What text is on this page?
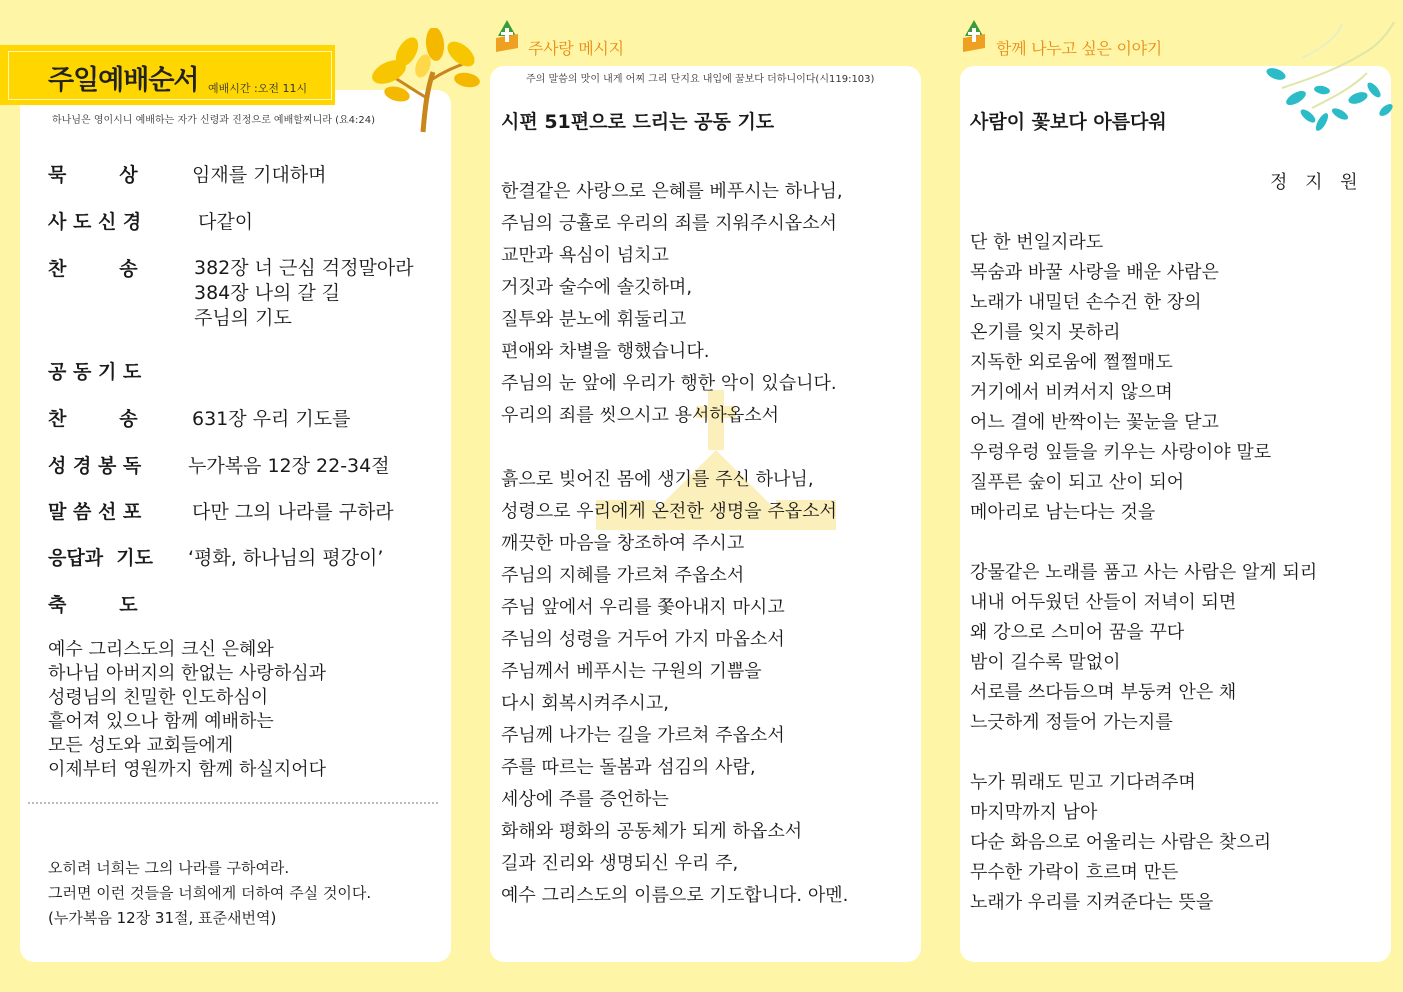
주일예배순서 예배시간 :오전 11시
하나님은 영이시니 예배하는 자가 신령과 진정으로 예배할찌니라 (요4:24)
묵        상	임재를 기대하며
사 도 신 경	다같이
찬        송	382장 너 근심 걱정말아라
384장 나의 갈 길
주님의 기도
공 동 기 도
찬        송	631장 우리 기도를
성 경 봉 독 누가복음 12장 22-34절
말 씀 선 포	다만 그의 나라를 구하라
응답과  기도 ‘평화, 하나님의 평강이’
축        도
예수 그리스도의 크신 은혜와
하나님 아버지의 한없는 사랑하심과
성령님의 친밀한 인도하심이
흩어져 있으나 함께 예배하는
모든 성도와 교회들에게
이제부터 영원까지 함께 하실지어다
오히려 너희는 그의 나라를 구하여라.
그러면 이런 것들을 너희에게 더하여 주실 것이다.
(누가복음 12장 31절, 표준새번역)
주사랑 메시지
주의 말씀의 맛이 내게 어찌 그리 단지요 내입에 꿀보다 더하니이다(시119:103)
시편 51편으로 드리는 공동 기도
한결같은 사랑으로 은혜를 베푸시는 하나님,
주님의 긍휼로 우리의 죄를 지워주시옵소서
교만과 욕심이 넘치고
거짓과 술수에 솔깃하며,
질투와 분노에 휘둘리고
편애와 차별을 행했습니다.
주님의 눈 앞에 우리가 행한 악이 있습니다.
우리의 죄를 씻으시고 용서하옵소서
흙으로 빚어진 몸에 생기를 주신 하나님,
성령으로 우리에게 온전한 생명을 주옵소서
깨끗한 마음을 창조하여 주시고
주님의 지혜를 가르쳐 주옵소서
주님 앞에서 우리를 쫓아내지 마시고
주님의 성령을 거두어 가지 마옵소서
주님께서 베푸시는 구원의 기쁨을
다시 회복시켜주시고,
주님께 나가는 길을 가르쳐 주옵소서
주를 따르는 돌봄과 섬김의 사람,
세상에 주를 증언하는
화해와 평화의 공동체가 되게 하옵소서
길과 진리와 생명되신 우리 주,
예수 그리스도의 이름으로 기도합니다. 아멘.
함께 나누고 싶은 이야기
사람이 꽃보다 아름다워
정 지 원
단 한 번일지라도
목숨과 바꿀 사랑을 배운 사람은
노래가 내밀던 손수건 한 장의
온기를 잊지 못하리
지독한 외로움에 쩔쩔매도
거기에서 비켜서지 않으며
어느 결에 반짝이는 꽃눈을 닫고
우렁우렁 잎들을 키우는 사랑이야 말로
질푸른 숲이 되고 산이 되어
메아리로 남는다는 것을
강물같은 노래를 품고 사는 사람은 알게 되리
내내 어두웠던 산들이 저녁이 되면
왜 강으로 스미어 꿈을 꾸다
밤이 길수록 말없이
서로를 쓰다듬으며 부둥켜 안은 채
느긋하게 정들어 가는지를
누가 뭐래도 믿고 기다려주며
마지막까지 남아
다순 화음으로 어울리는 사람은 찾으리
무수한 가락이 흐르며 만든
노래가 우리를 지켜준다는 뜻을
